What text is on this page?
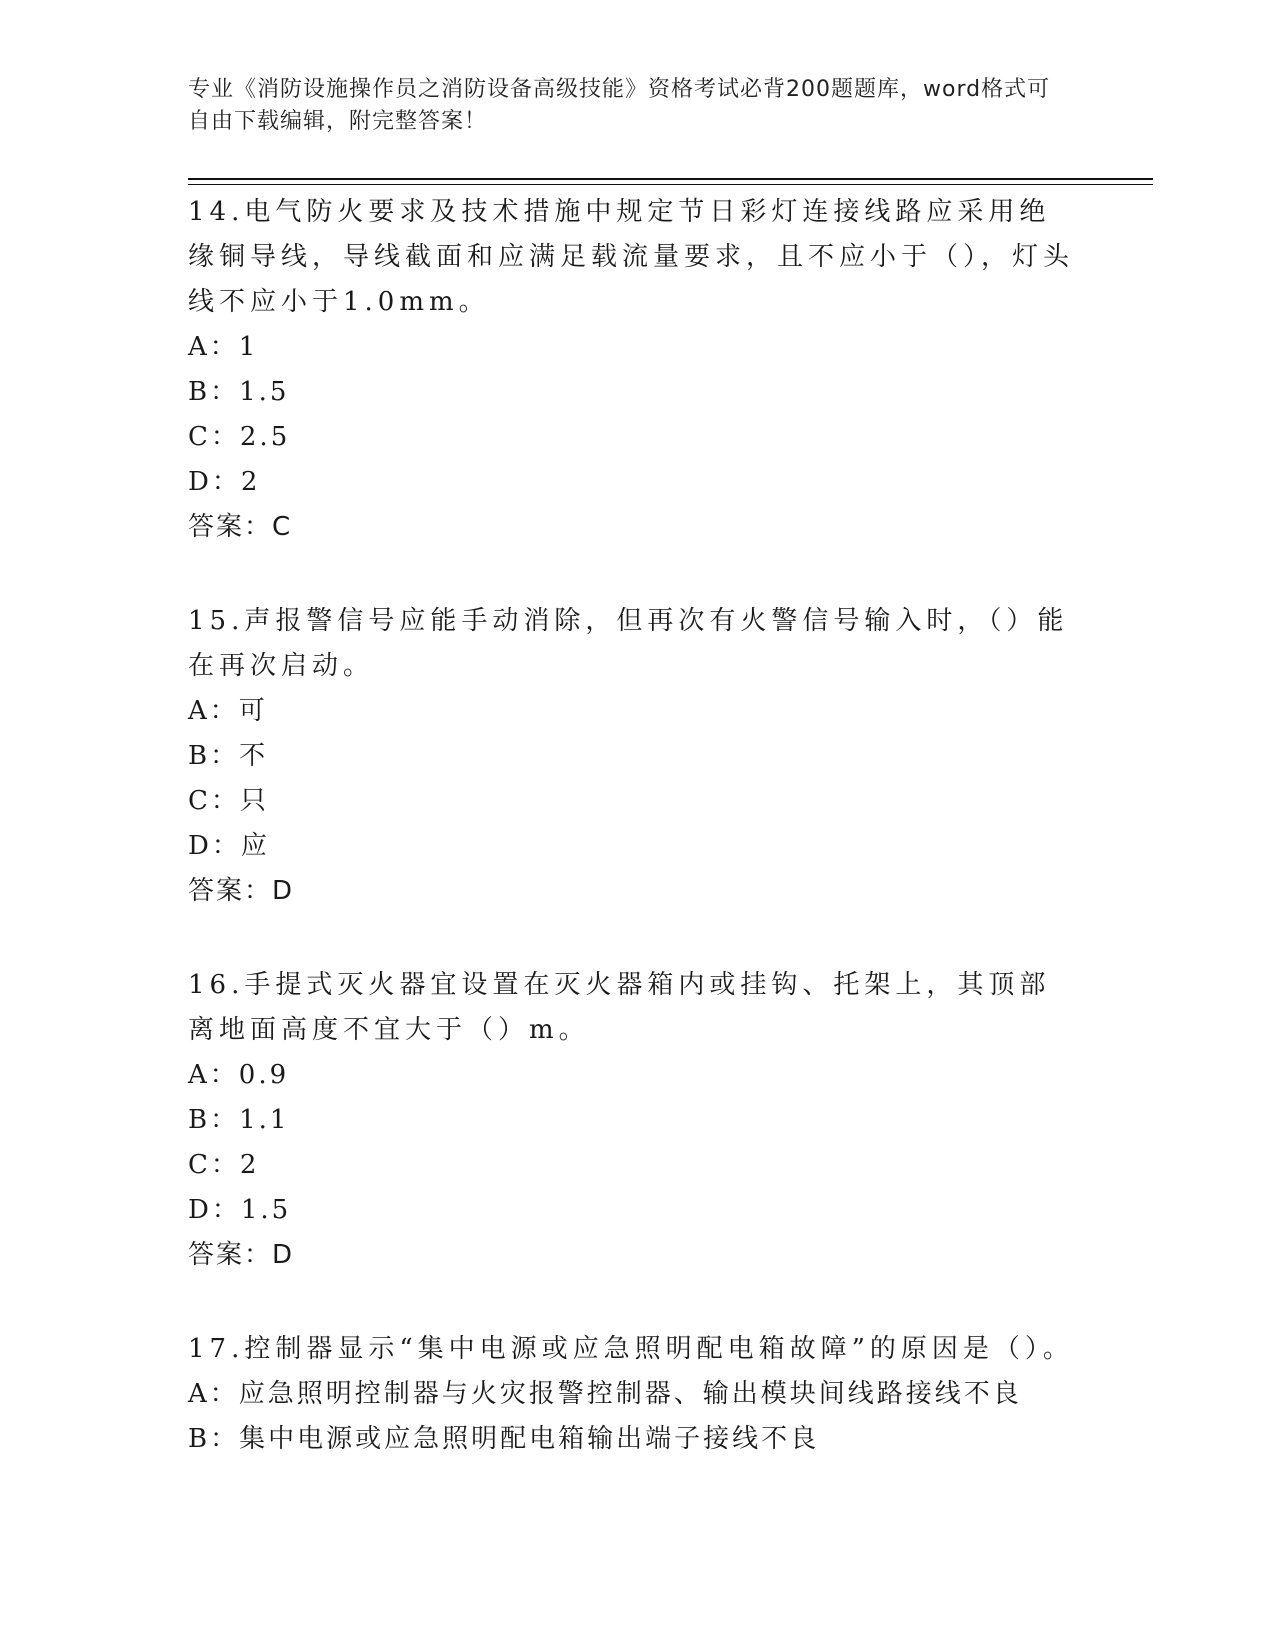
专业《消防设施操作员之消防设备高级技能》资格考试必背200题题库，word格式可自由下载编辑，附完整答案！

14.电气防火要求及技术措施中规定节日彩灯连接线路应采用绝缘铜导线，导线截面和应满足载流量要求，且不应小于（），灯头线不应小于1.0mm。

A：1

B：1.5

C：2.5

D：2

答案：C

15.声报警信号应能手动消除，但再次有火警信号输入时，（）能在再次启动。

A：可

B：不

C：只

D：应

答案：D

16.手提式灭火器宜设置在灭火器箱内或挂钩、托架上，其顶部离地面高度不宜大于（）m。

A：0.9

B：1.1

C：2

D：1.5

答案：D

17.控制器显示“集中电源或应急照明配电箱故障”的原因是（）。

A：应急照明控制器与火灾报警控制器、输出模块间线路接线不良

B：集中电源或应急照明配电箱输出端子接线不良
